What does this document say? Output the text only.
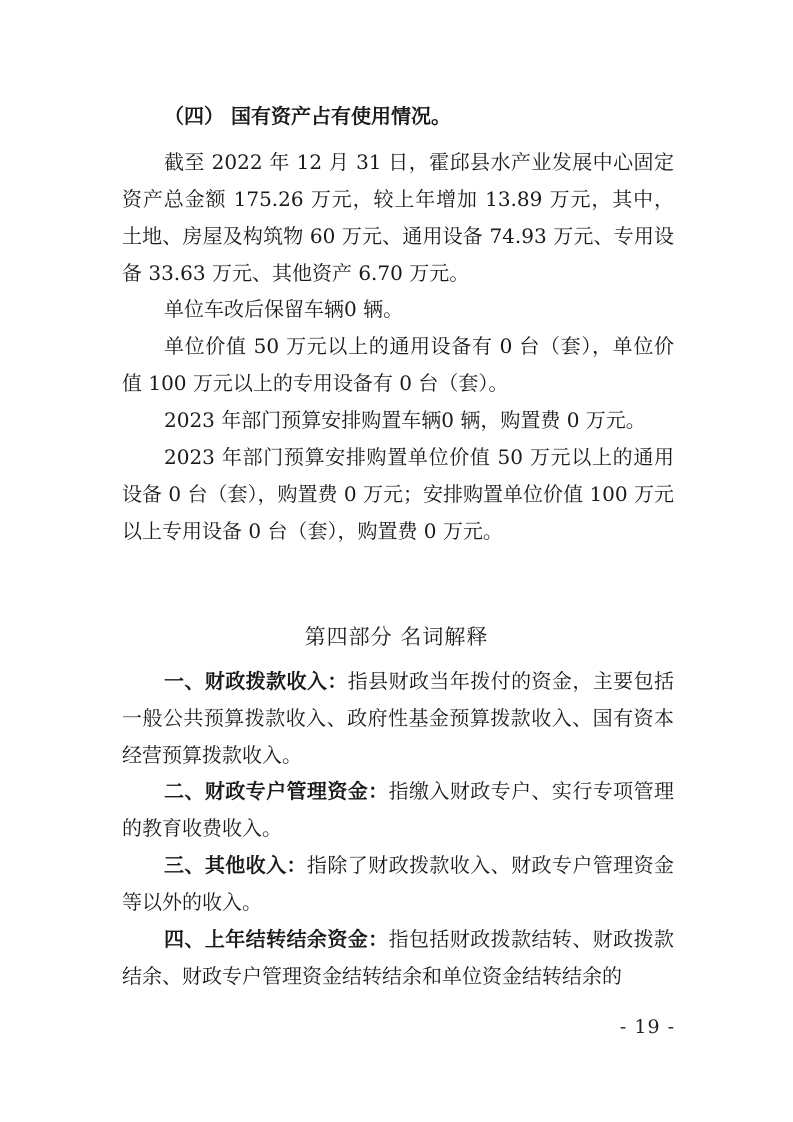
（四） 国有资产占有使用情况。

截至 2022 年 12 月 31 日，霍邱县水产业发展中心固定资产总金额 175.26 万元，较上年增加 13.89 万元，其中，土地、房屋及构筑物 60 万元、通用设备 74.93 万元、专用设备 33.63 万元、其他资产 6.70 万元。

单位车改后保留车辆0 辆。

单位价值 50 万元以上的通用设备有 0 台（套），单位价值 100 万元以上的专用设备有 0 台（套）。

2023 年部门预算安排购置车辆0 辆，购置费 0 万元。

2023 年部门预算安排购置单位价值 50 万元以上的通用设备 0 台（套），购置费 0 万元；安排购置单位价值 100 万元以上专用设备 0 台（套），购置费 0 万元。

第四部分 名词解释

一、财政拨款收入：指县财政当年拨付的资金，主要包括一般公共预算拨款收入、政府性基金预算拨款收入、国有资本经营预算拨款收入。

二、财政专户管理资金：指缴入财政专户、实行专项管理的教育收费收入。

三、其他收入：指除了财政拨款收入、财政专户管理资金等以外的收入。

四、上年结转结余资金：指包括财政拨款结转、财政拨款结余、财政专户管理资金结转结余和单位资金结转结余的

- 19 -
